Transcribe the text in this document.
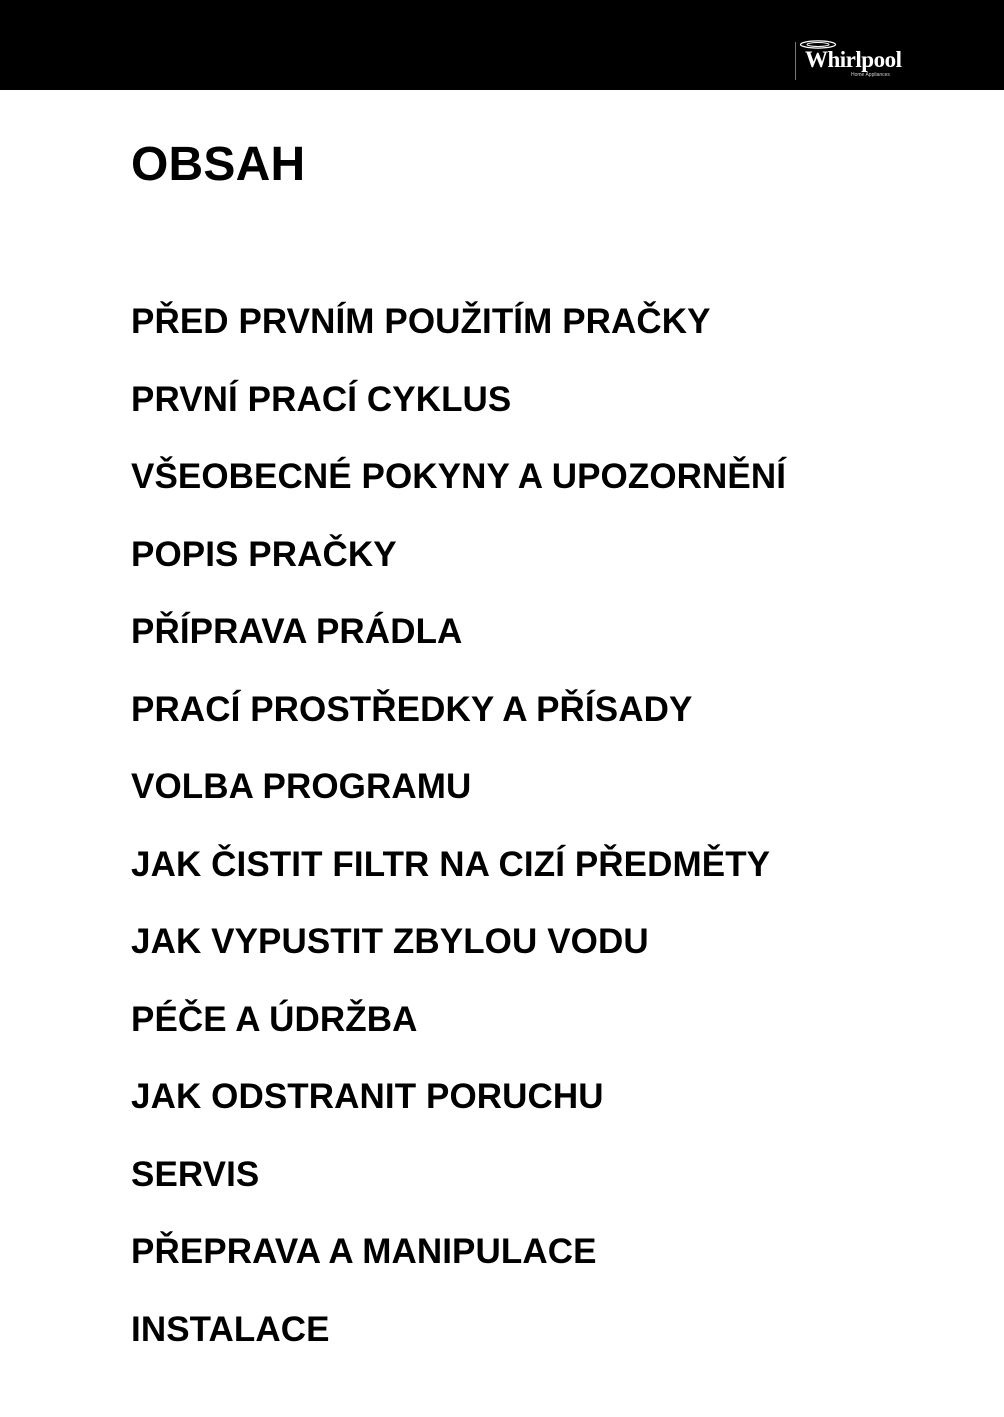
Whirlpool
Home Appliances
OBSAH
PŘED PRVNÍM POUŽITÍM PRAČKY
PRVNÍ PRACÍ CYKLUS
VŠEOBECNÉ POKYNY A UPOZORNĚNÍ
POPIS PRAČKY
PŘÍPRAVA PRÁDLA
PRACÍ PROSTŘEDKY A PŘÍSADY
VOLBA PROGRAMU
JAK ČISTIT FILTR NA CIZÍ PŘEDMĚTY
JAK VYPUSTIT ZBYLOU VODU
PÉČE A ÚDRŽBA
JAK ODSTRANIT PORUCHU
SERVIS
PŘEPRAVA A MANIPULACE
INSTALACE
